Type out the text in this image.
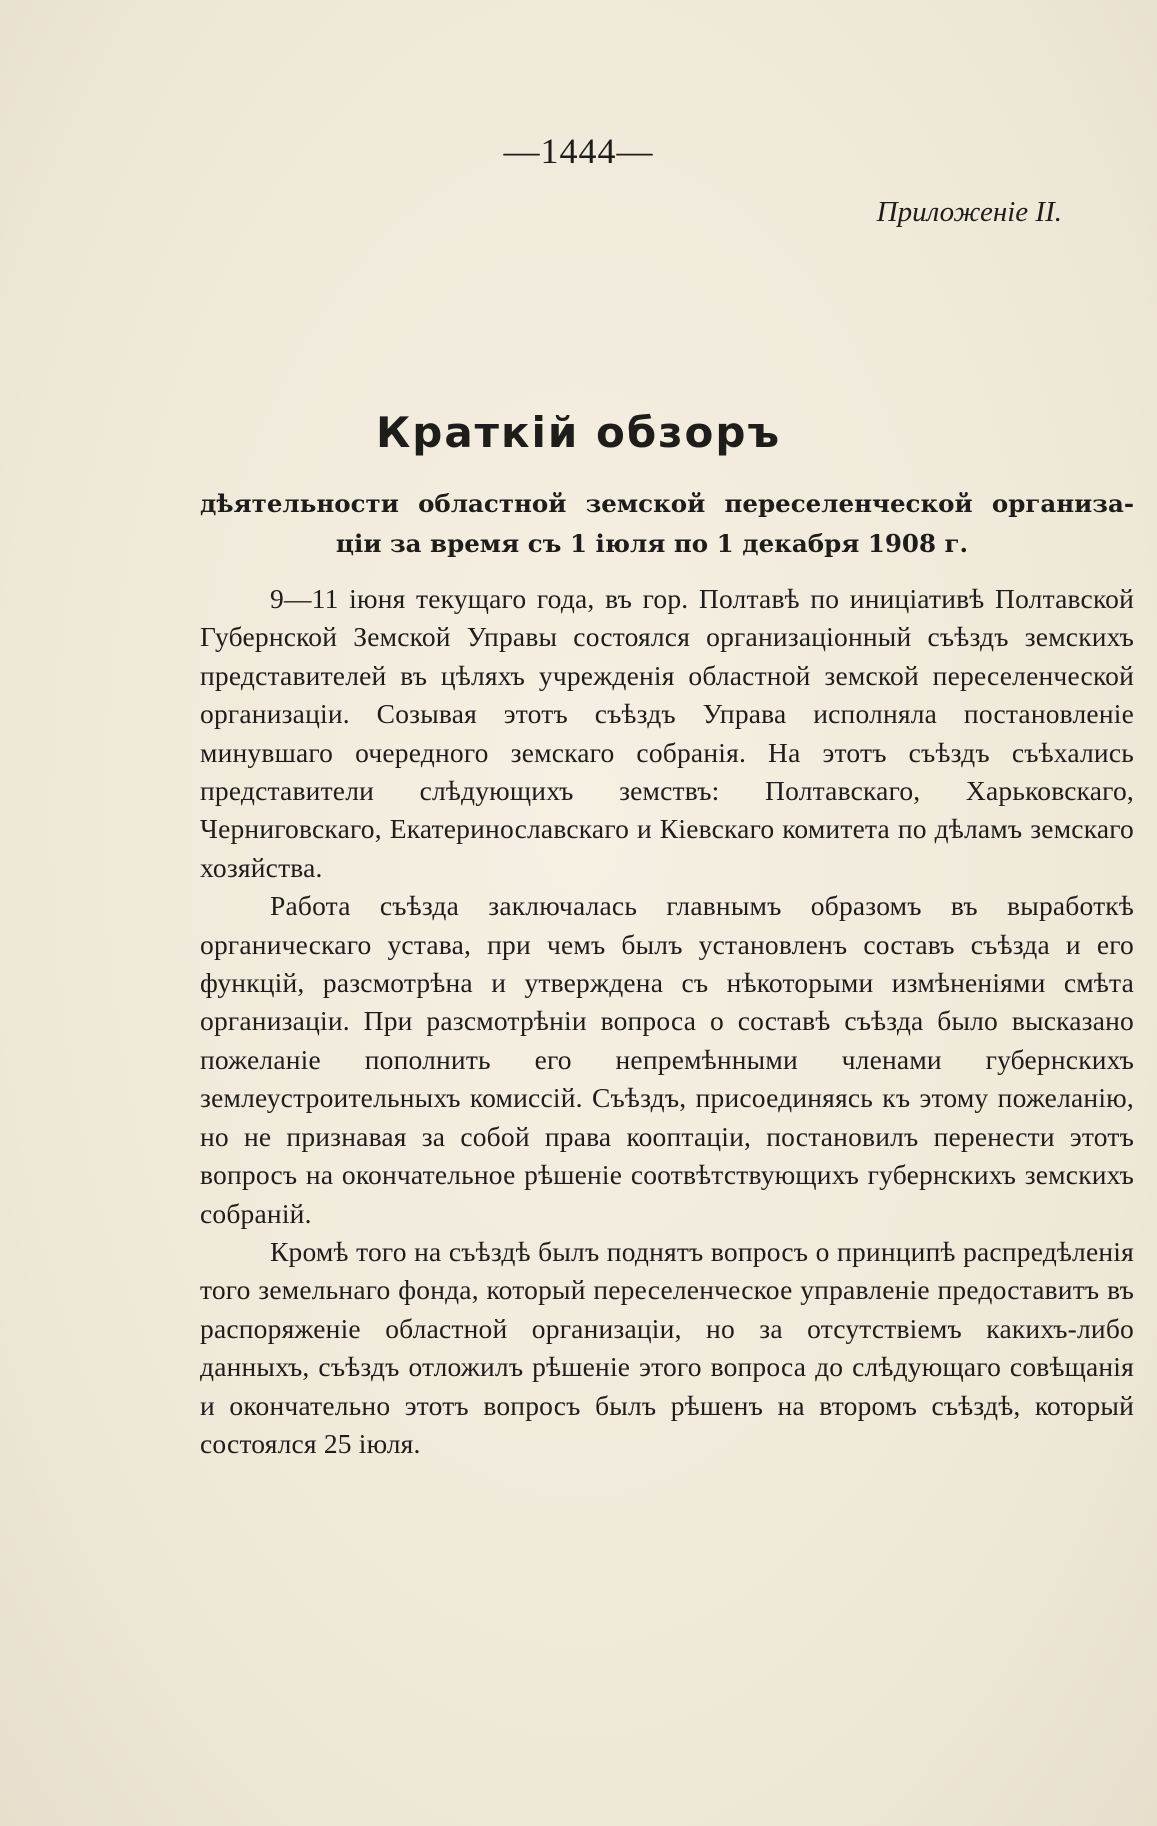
—1444—
Приложеніе II.
Краткій обзоръ
дѣятельности областной земской переселенческой организа-
ціи за время съ 1 іюля по 1 декабря 1908 г.

9—11 іюня текущаго года, въ гор. Полтавѣ по иниціативѣ Полтавской Губернской Земской Управы состоялся организаціонный съѣздъ земскихъ представителей въ цѣляхъ учрежденія областной земской переселенческой организаціи. Созывая этотъ съѣздъ Управа исполняла постановленіе минувшаго очередного земскаго собранія. На этотъ съѣздъ съѣхались представители слѣдующихъ земствъ: Полтавскаго, Харьковскаго, Черниговскаго, Екатеринославскаго и Кіевскаго комитета по дѣламъ земскаго хозяйства.

Работа съѣзда заключалась главнымъ образомъ въ выработкѣ органическаго устава, при чемъ былъ установленъ составъ съѣзда и его функцій, разсмотрѣна и утверждена съ нѣкоторыми измѣненіями смѣта организаціи. При разсмотрѣніи вопроса о составѣ съѣзда было высказано пожеланіе пополнить его непремѣнными членами губернскихъ землеустроительныхъ комиссій. Съѣздъ, присоединяясь къ этому пожеланію, но не признавая за собой права кооптаціи, постановилъ перенести этотъ вопросъ на окончательное рѣшеніе соотвѣтствующихъ губернскихъ земскихъ собраній.

Кромѣ того на съѣздѣ былъ поднятъ вопросъ о принципѣ распредѣленія того земельнаго фонда, который переселенческое управленіе предоставитъ въ распоряженіе областной организаціи, но за отсутствіемъ какихъ-либо данныхъ, съѣздъ отложилъ рѣшеніе этого вопроса до слѣдующаго совѣщанія и окончательно этотъ вопросъ былъ рѣшенъ на второмъ съѣздѣ, который состоялся 25 іюля.
